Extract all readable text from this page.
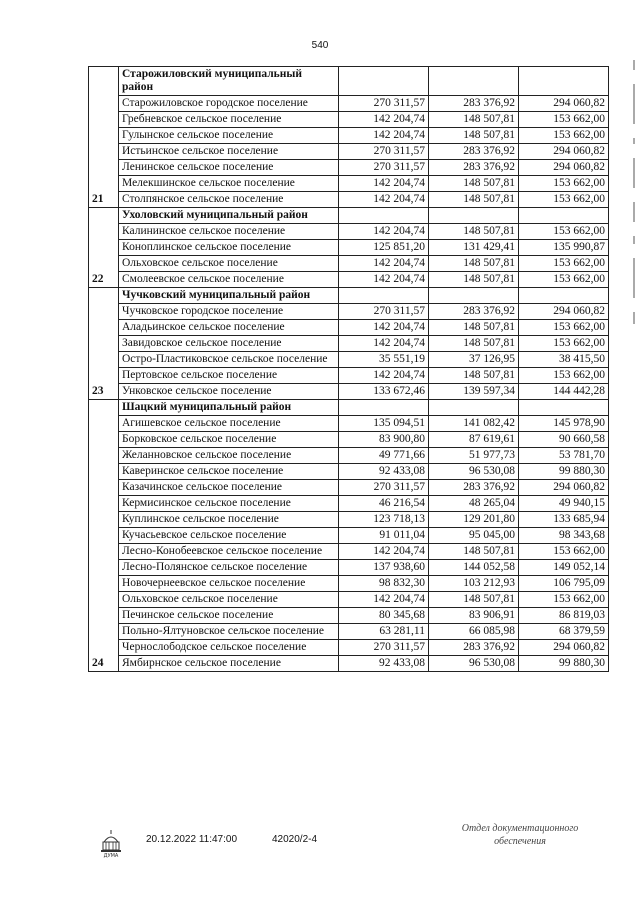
540
21	Старожиловский муниципальный район			
	Старожиловское городское поселение	270 311,57	283 376,92	294 060,82
	Гребневское сельское поселение	142 204,74	148 507,81	153 662,00
	Гулынское сельское поселение	142 204,74	148 507,81	153 662,00
	Истьинское сельское поселение	270 311,57	283 376,92	294 060,82
	Ленинское сельское поселение	270 311,57	283 376,92	294 060,82
	Мелекшинское сельское поселение	142 204,74	148 507,81	153 662,00
	Столпянское сельское поселение	142 204,74	148 507,81	153 662,00
22	Ухоловский муниципальный район			
	Калининское сельское поселение	142 204,74	148 507,81	153 662,00
	Коноплинское сельское поселение	125 851,20	131 429,41	135 990,87
	Ольховское сельское поселение	142 204,74	148 507,81	153 662,00
	Смолеевское сельское поселение	142 204,74	148 507,81	153 662,00
23	Чучковский муниципальный район			
	Чучковское городское поселение	270 311,57	283 376,92	294 060,82
	Аладьинское сельское поселение	142 204,74	148 507,81	153 662,00
	Завидовское сельское поселение	142 204,74	148 507,81	153 662,00
	Остро-Пластиковское сельское поселение	35 551,19	37 126,95	38 415,50
	Пертовское сельское поселение	142 204,74	148 507,81	153 662,00
	Унковское сельское поселение	133 672,46	139 597,34	144 442,28
24	Шацкий муниципальный район			
	Агишевское сельское поселение	135 094,51	141 082,42	145 978,90
	Борковское сельское поселение	83 900,80	87 619,61	90 660,58
	Желанновское сельское поселение	49 771,66	51 977,73	53 781,70
	Каверинское сельское поселение	92 433,08	96 530,08	99 880,30
	Казачинское сельское поселение	270 311,57	283 376,92	294 060,82
	Кермисинское сельское поселение	46 216,54	48 265,04	49 940,15
	Куплинское сельское поселение	123 718,13	129 201,80	133 685,94
	Кучасьевское сельское поселение	91 011,04	95 045,00	98 343,68
	Лесно-Конобеевское сельское поселение	142 204,74	148 507,81	153 662,00
	Лесно-Полянское сельское поселение	137 938,60	144 052,58	149 052,14
	Новочернеевское сельское поселение	98 832,30	103 212,93	106 795,09
	Ольховское сельское поселение	142 204,74	148 507,81	153 662,00
	Печинское сельское поселение	80 345,68	83 906,91	86 819,03
	Польно-Ялтуновское сельское поселение	63 281,11	66 085,98	68 379,59
	Чернослободское сельское поселение	270 311,57	283 376,92	294 060,82
	Ямбирнское сельское поселение	92 433,08	96 530,08	99 880,30
ДУМА
20.12.2022 11:47:00	42020/2-4
Отдел документационного обеспечения
